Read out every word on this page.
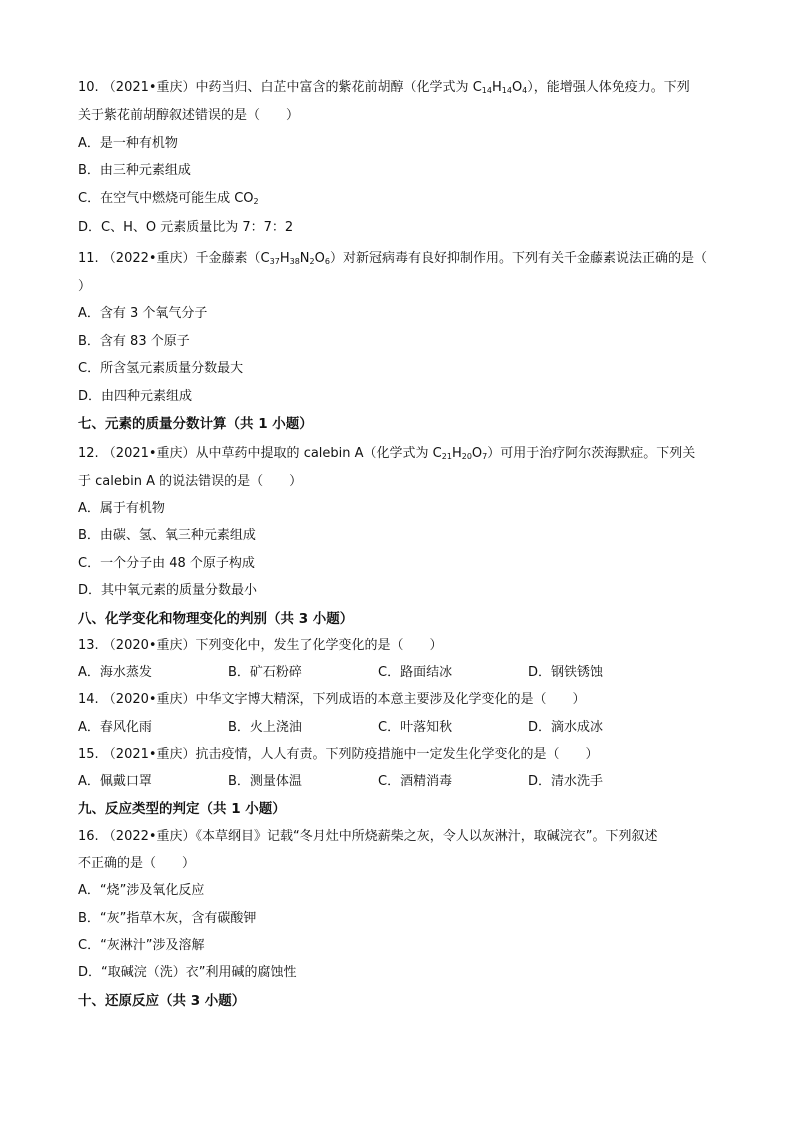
10. （2021•重庆）中药当归、白芷中富含的紫花前胡醇（化学式为 $C_{14}H_{14}O_4$），能增强人体免疫力。下列
关于紫花前胡醇叙述错误的是（　　）
A．是一种有机物
B．由三种元素组成
C．在空气中燃烧可能生成 $CO_2$
D．C、H、O 元素质量比为 7：7：2
11. （2022•重庆）千金藤素$(C_{37}H_{38}N_2O_6)$对新冠病毒有良好抑制作用。下列有关千金藤素说法正确的是（
）
A．含有 3 个氧气分子
B．含有 83 个原子
C．所含氢元素质量分数最大
D．由四种元素组成
七、元素的质量分数计算（共 1 小题）
12. （2021•重庆）从中草药中提取的 calebin A（化学式为 $C_{21}H_{20}O_7$）可用于治疗阿尔茨海默症。下列关
于 calebin A 的说法错误的是（　　）
A．属于有机物
B．由碳、氢、氧三种元素组成
C．一个分子由 48 个原子构成
D．其中氧元素的质量分数最小
八、化学变化和物理变化的判别（共 3 小题）
13. （2020•重庆）下列变化中，发生了化学变化的是（　　）
A．海水蒸发	B．矿石粉碎	C．路面结冰	D．钢铁锈蚀
14. （2020•重庆）中华文字博大精深，下列成语的本意主要涉及化学变化的是（　　）
A．春风化雨	B．火上浇油	C．叶落知秋	D．滴水成冰
15. （2021•重庆）抗击疫情，人人有责。下列防疫措施中一定发生化学变化的是（　　）
A．佩戴口罩	B．测量体温	C．酒精消毒	D．清水洗手
九、反应类型的判定（共 1 小题）
16. （2022•重庆）《本草纲目》记载“冬月灶中所烧薪柴之灰，令人以灰淋汁，取碱浣衣”。下列叙述
不正确的是（　　）
A．“烧”涉及氧化反应
B．“灰”指草木灰，含有碳酸钾
C．“灰淋汁”涉及溶解
D．“取碱浣（洗）衣”利用碱的腐蚀性
十、还原反应（共 3 小题）
